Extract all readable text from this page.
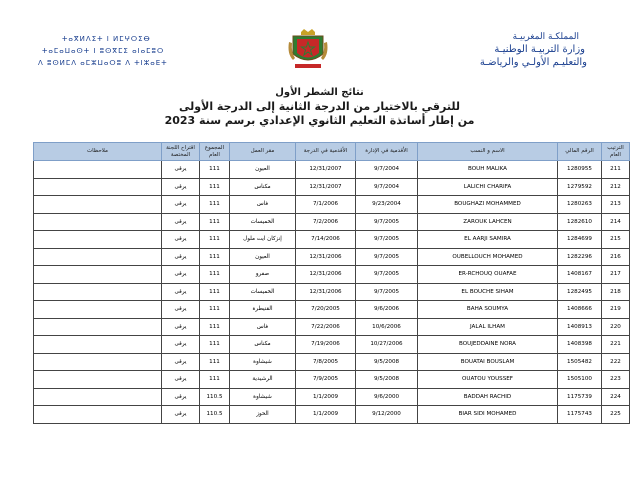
ⵜⴰⴳⵍⴷⵉⵜ ⵏ ⵍⵎⵖⵔⵉⴱ
ⵜⴰⵎⴰⵡⴰⵙⵜ ⵏ ⵓⵙⴳⵎⵉ ⴰⵏⴰⵎⵓⵔ
ⴷ ⵓⵙⵍⵎⴷ ⴰⵎⵣⵡⴰⵔⵓ ⴷ ⵜⵏⵣⴰⴹⵜ
المملكـة المغربيـة
وزارة التربيـة الوطنيـة
والتعليـم الأولـي والرياضـة
نتائج الشطر الأول
للترقي بالاختيار من الدرجة الثانية إلى الدرجة الأولى
من إطار أساتذة التعليم الثانوي الإعدادي برسم سنة 2023
الترتيب العام	الرقم المالي	الاسم و النسب	الأقدمية في الإدارة	الأقدمية في الدرجة	مقر العمل	المجموع العام	اقتراح اللجنة المختصة	ملاحظات
211	1280955	BOUH MALIKA	9/7/2004	12/31/2007	العيون	111	يرقى	
212	1279592	LALICHI CHARIFA	9/7/2004	12/31/2007	مكناس	111	يرقى	
213	1280263	BOUGHAZI MOHAMMED	9/23/2004	7/1/2006	فاس	111	يرقى	
214	1282610	ZAROUK LAHCEN	9/7/2005	7/2/2006	الخميسات	111	يرقى	
215	1284699	EL AARJI SAMIRA	9/7/2005	7/14/2006	إنزكان ايت ملول	111	يرقى	
216	1282296	OUBELLOUCH MOHAMED	9/7/2005	12/31/2006	العيون	111	يرقى	
217	1408167	ER-RCHOUQ OUAFAE	9/7/2005	12/31/2006	صفرو	111	يرقى	
218	1282495	EL BOUCHE SIHAM	9/7/2005	12/31/2006	الخميسات	111	يرقى	
219	1408666	BAHA SOUMYA	9/6/2006	7/20/2005	القنيطرة	111	يرقى	
220	1408913	JALAL ILHAM	10/6/2006	7/22/2006	فاس	111	يرقى	
221	1408398	BOUJEDDAINE NORA	10/27/2006	7/19/2006	مكناس	111	يرقى	
222	1505482	BOUATAI BOUSLAM	9/5/2008	7/8/2005	شيشاوة	111	يرقى	
223	1505100	OUATOU YOUSSEF	9/5/2008	7/9/2005	الرشيدية	111	يرقى	
224	1175739	BADDAH RACHID	9/6/2000	1/1/2009	شيشاوة	110.5	يرقى	
225	1175743	BIAR SIDI MOHAMED	9/12/2000	1/1/2009	الحوز	110.5	يرقى	
